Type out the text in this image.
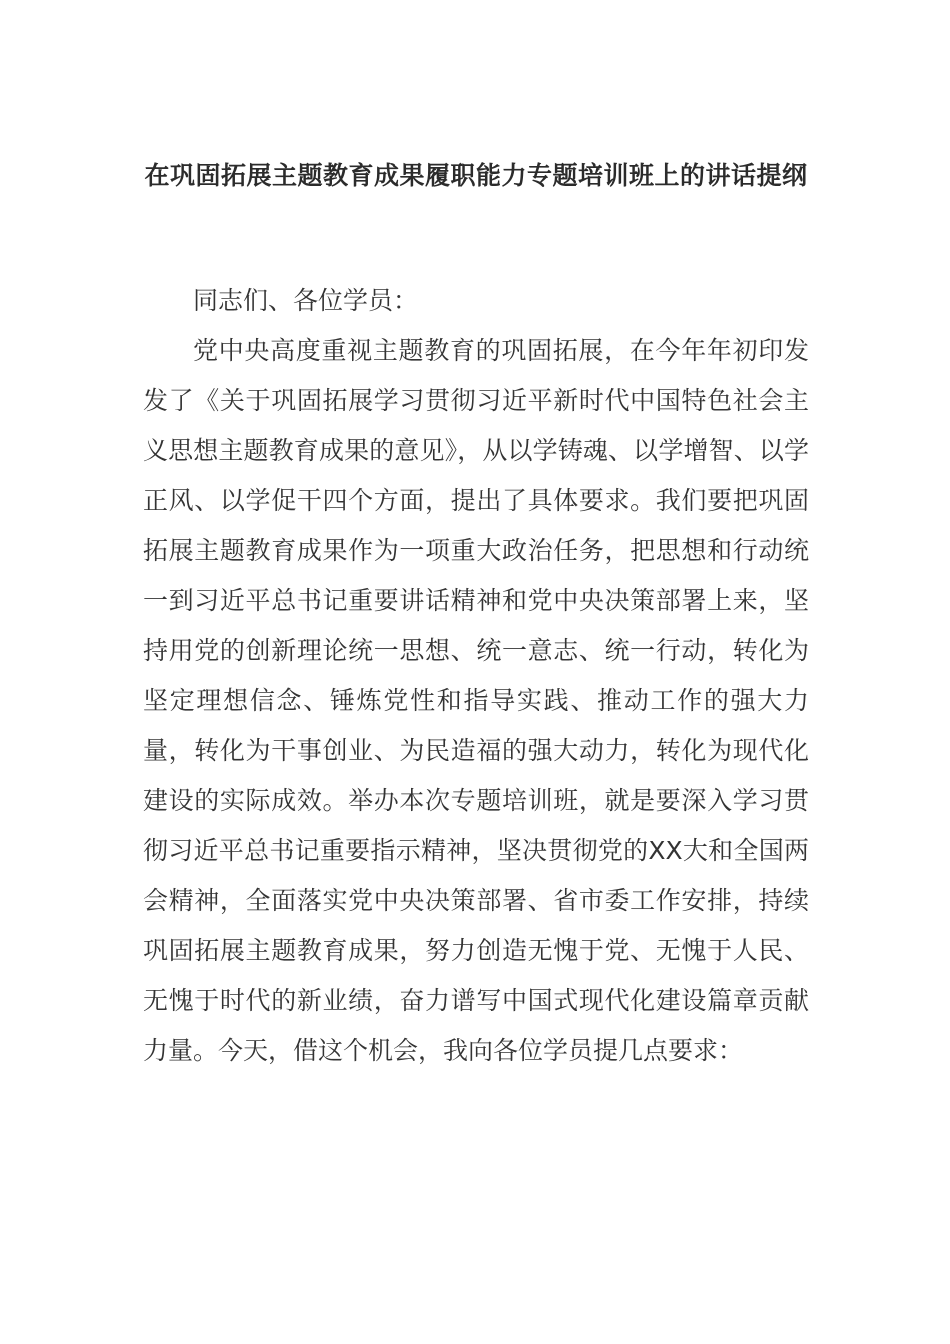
在巩固拓展主题教育成果履职能力专题培训班上的讲话提纲

同志们、各位学员：

党中央高度重视主题教育的巩固拓展，在今年年初印发发了《关于巩固拓展学习贯彻习近平新时代中国特色社会主义思想主题教育成果的意见》，从以学铸魂、以学增智、以学正风、以学促干四个方面，提出了具体要求。我们要把巩固拓展主题教育成果作为一项重大政治任务，把思想和行动统一到习近平总书记重要讲话精神和党中央决策部署上来，坚持用党的创新理论统一思想、统一意志、统一行动，转化为坚定理想信念、锤炼党性和指导实践、推动工作的强大力量，转化为干事创业、为民造福的强大动力，转化为现代化建设的实际成效。举办本次专题培训班，就是要深入学习贯彻习近平总书记重要指示精神，坚决贯彻党的XX大和全国两会精神，全面落实党中央决策部署、省市委工作安排，持续巩固拓展主题教育成果，努力创造无愧于党、无愧于人民、无愧于时代的新业绩，奋力谱写中国式现代化建设篇章贡献力量。今天，借这个机会，我向各位学员提几点要求：
